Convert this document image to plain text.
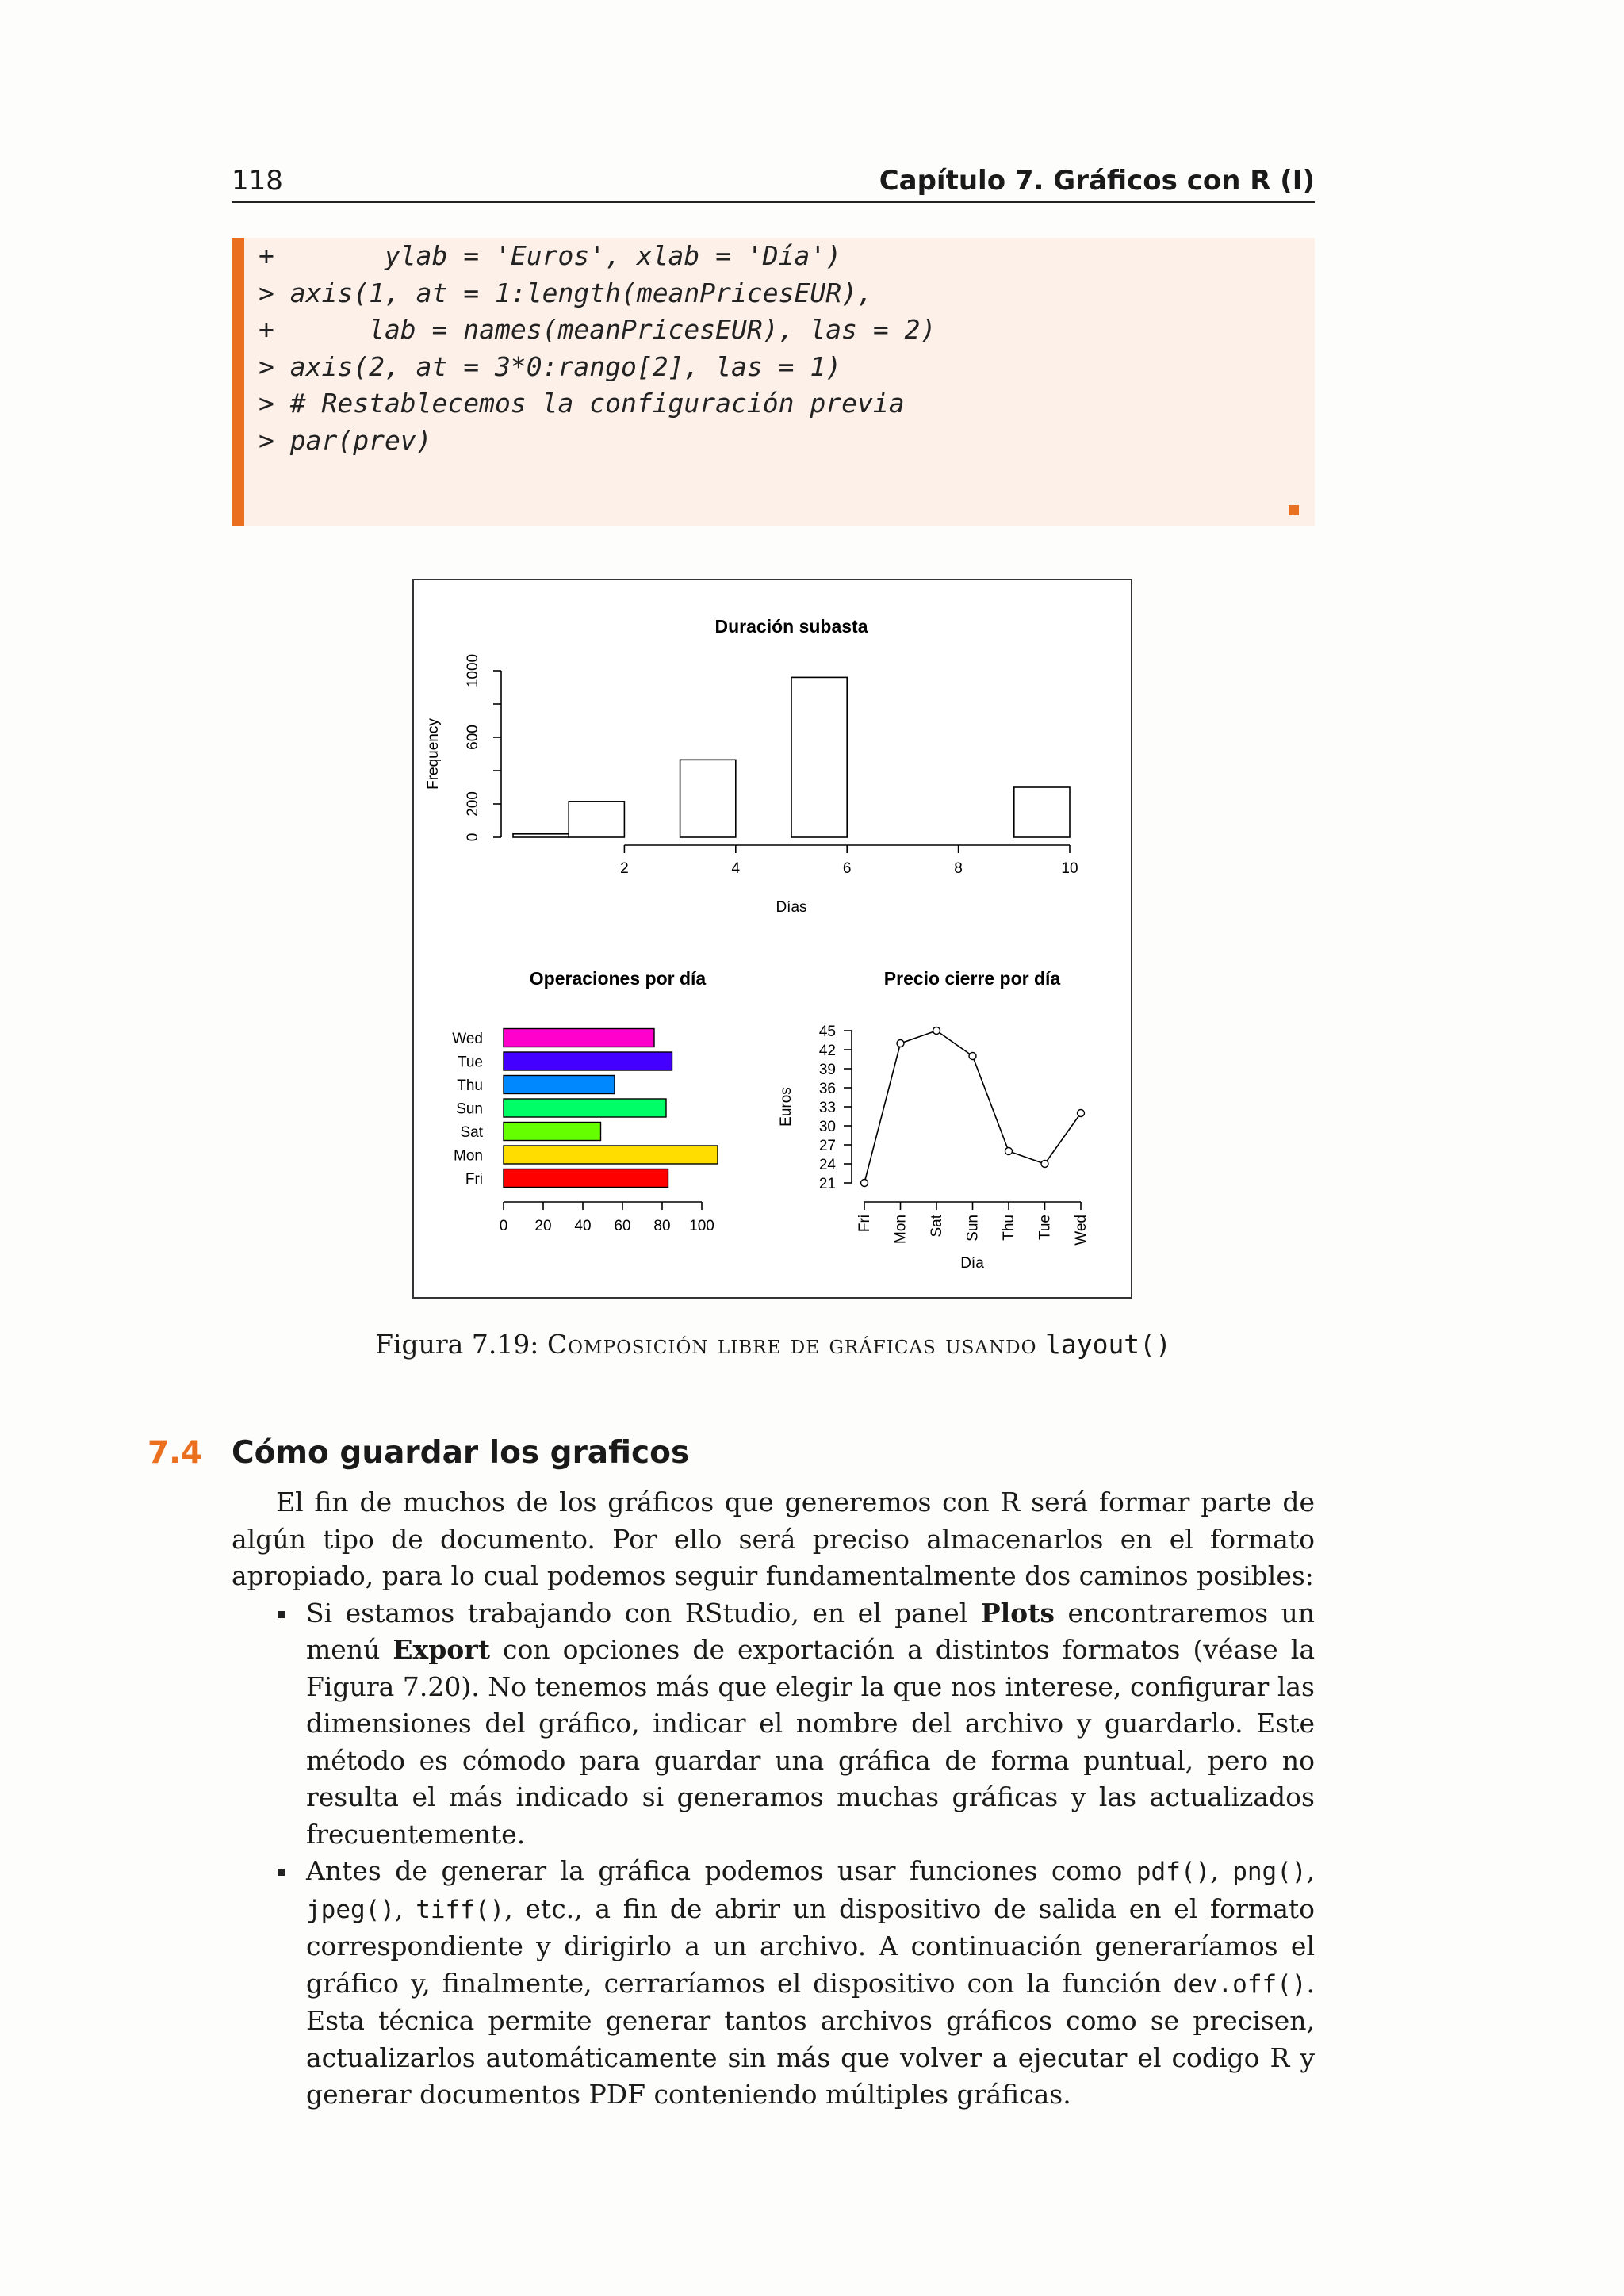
118	Capítulo 7. Gráficos con R (I)
+       ylab = 'Euros', xlab = 'Día')
> axis(1, at = 1:length(meanPricesEUR),
+      lab = names(meanPricesEUR), las = 2)
> axis(2, at = 3*0:rango[2], las = 1)
> # Restablecemos la configuración previa
> par(prev)
Duración subasta
2	4	6	8	10
Días
0
200
600
1000
Frequency
Operaciones por día
Fri
Mon
Sat
Sun
Thu
Tue
Wed
0 20 40 60 80 100
Precio cierre por día
21
24
27
30
33
36
39
42
45
Euros
Fri Mon Sat Sun Thu Tue Wed
Día
Figura 7.19: Composición libre de gráficas usando layout()
7.4 Cómo guardar los graficos

El fin de muchos de los gráficos que generemos con R será formar parte de algún tipo de documento. Por ello será preciso almacenarlos en el formato apropiado, para lo cual podemos seguir fundamentalmente dos caminos posibles:

Si estamos trabajando con RStudio, en el panel Plots encontraremos un menú Export con opciones de exportación a distintos formatos (véase la Figura 7.20). No tenemos más que elegir la que nos interese, configurar las dimensiones del gráfico, indicar el nombre del archivo y guardarlo. Este método es cómodo para guardar una gráfica de forma puntual, pero no resulta el más indicado si generamos muchas gráficas y las actualizados frecuentemente.
Antes de generar la gráfica podemos usar funciones como pdf(), png(), jpeg(), tiff(), etc., a fin de abrir un dispositivo de salida en el formato correspondiente y dirigirlo a un archivo. A continuación generaríamos el gráfico y, finalmente, cerraríamos el dispositivo con la función dev.off(). Esta técnica permite generar tantos archivos gráficos como se precisen, actualizarlos automáticamente sin más que volver a ejecutar el codigo R y generar documentos PDF conteniendo múltiples gráficas.
